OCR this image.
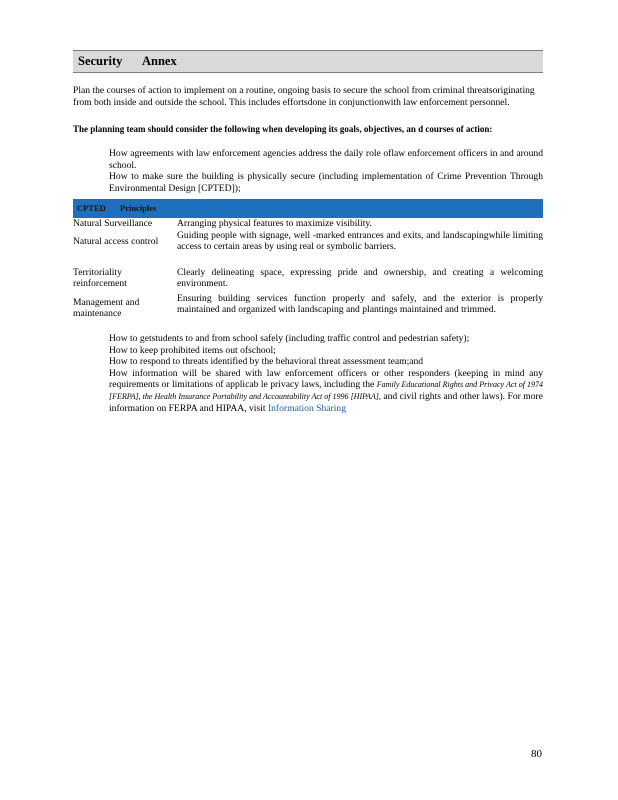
Security Annex

Plan the courses of action to implement on a routine, ongoing basis to secure the school from criminal threatsoriginating from both inside and outside the school. This includes effortsdone in conjunctionwith law enforcement personnel.

The planning team should consider the following when developing its goals, objectives, an d courses of action:

How agreements with law enforcement agencies address the daily role oflaw enforcement officers in and around school.
How to make sure the building is physically secure (including implementation of Crime Prevention Through Environmental Design [CPTED]);
CPTED Principles
Natural Surveillance	Arranging physical features to maximize visibility.
Natural access control
Guiding people with signage, well -marked entrances and exits, and landscapingwhile limiting access to certain areas by using real or symbolic barriers.
Territoriality reinforcement
Clearly delineating space, expressing pride and ownership, and creating a welcoming environment.
Management and maintenance
Ensuring building services function properly and safely, and the exterior is properly maintained and organized with landscaping and plantings maintained and trimmed.
How to getstudents to and from school safely (including traffic control and pedestrian safety);
How to keep prohibited items out ofschool;
How to respond to threats identified by the behavioral threat assessment team;and
How information will be shared with law enforcement officers or other responders (keeping in mind any requirements or limitations of applicab le privacy laws, including the Family Educational Rights and Privacy Act of 1974 [FERPA], the Health Insurance Portability and Accountability Act of 1996 [HIPAA], and civil rights and other laws). For more information on FERPA and HIPAA, visit Information Sharing
80
